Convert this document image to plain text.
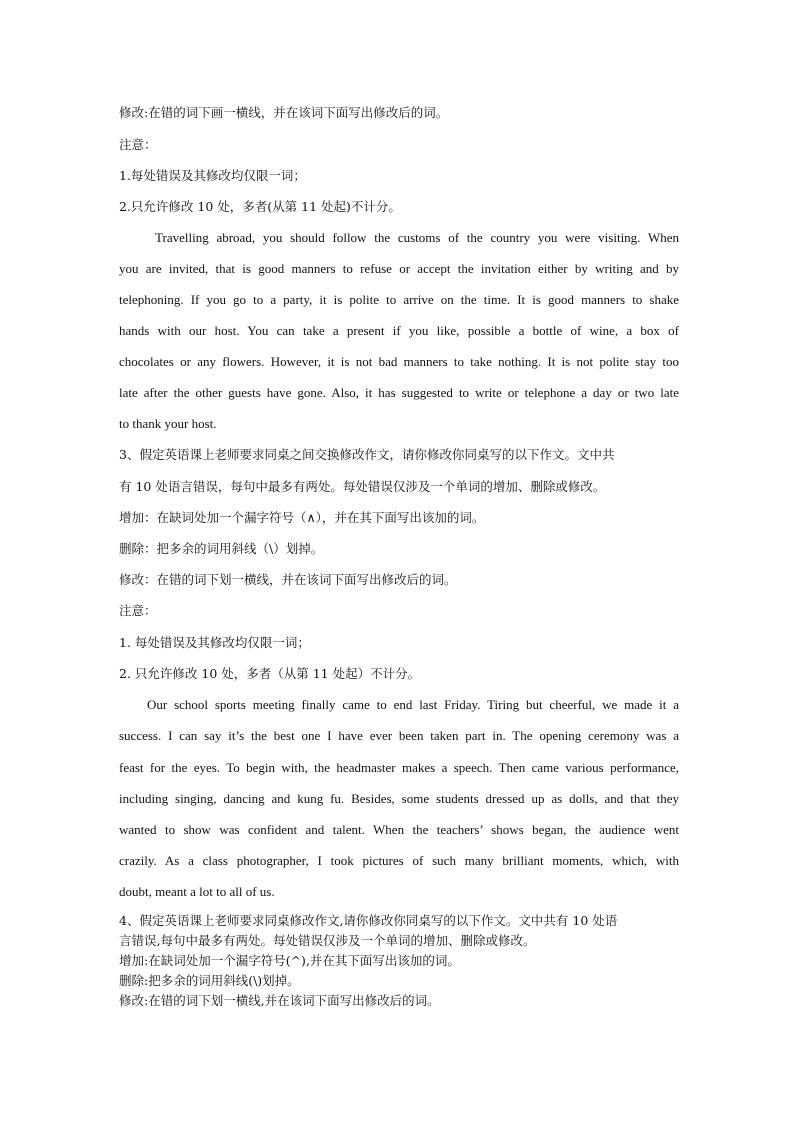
修改:在错的词下画一横线，并在该词下面写出修改后的词。
注意：
1.每处错误及其修改均仅限一词；
2.只允许修改 10 处，多者(从第 11 处起)不计分。
Travelling abroad, you should follow the customs of the country you were visiting. When
you are invited, that is good manners to refuse or accept the invitation either by writing and by
telephoning. If you go to a party, it is polite to arrive on the time. It is good manners to shake
hands with our host. You can take a present if you like, possible a bottle of wine, a box of
chocolates or any flowers. However, it is not bad manners to take nothing. It is not polite stay too
late after the other guests have gone. Also, it has suggested to write or telephone a day or two late
to thank your host.
3、假定英语课上老师要求同桌之间交换修改作文，请你修改你同桌写的以下作文。文中共
有 10 处语言错误，每句中最多有两处。每处错误仅涉及一个单词的增加、删除或修改。
增加：在缺词处加一个漏字符号（∧），并在其下面写出该加的词。
删除：把多余的词用斜线（\）划掉。
修改：在错的词下划一横线，并在该词下面写出修改后的词。
注意：
1. 每处错误及其修改均仅限一词；
2. 只允许修改 10 处，多者（从第 11 处起）不计分。
Our school sports meeting finally came to end last Friday. Tiring but cheerful, we made it a
success. I can say it’s the best one I have ever been taken part in. The opening ceremony was a
feast for the eyes. To begin with, the headmaster makes a speech. Then came various performance,
including singing, dancing and kung fu. Besides, some students dressed up as dolls, and that they
wanted to show was confident and talent. When the teachers’ shows began, the audience went
crazily. As a class photographer, I took pictures of such many brilliant moments, which, with
doubt, meant a lot to all of us.
4、假定英语课上老师要求同桌修改作文,请你修改你同桌写的以下作文。文中共有 10 处语
言错误,每句中最多有两处。每处错误仅涉及一个单词的增加、删除或修改。
增加:在缺词处加一个漏字符号(^),并在其下面写出该加的词。
删除:把多余的词用斜线(\)划掉。
修改:在错的词下划一横线,并在该词下面写出修改后的词。
